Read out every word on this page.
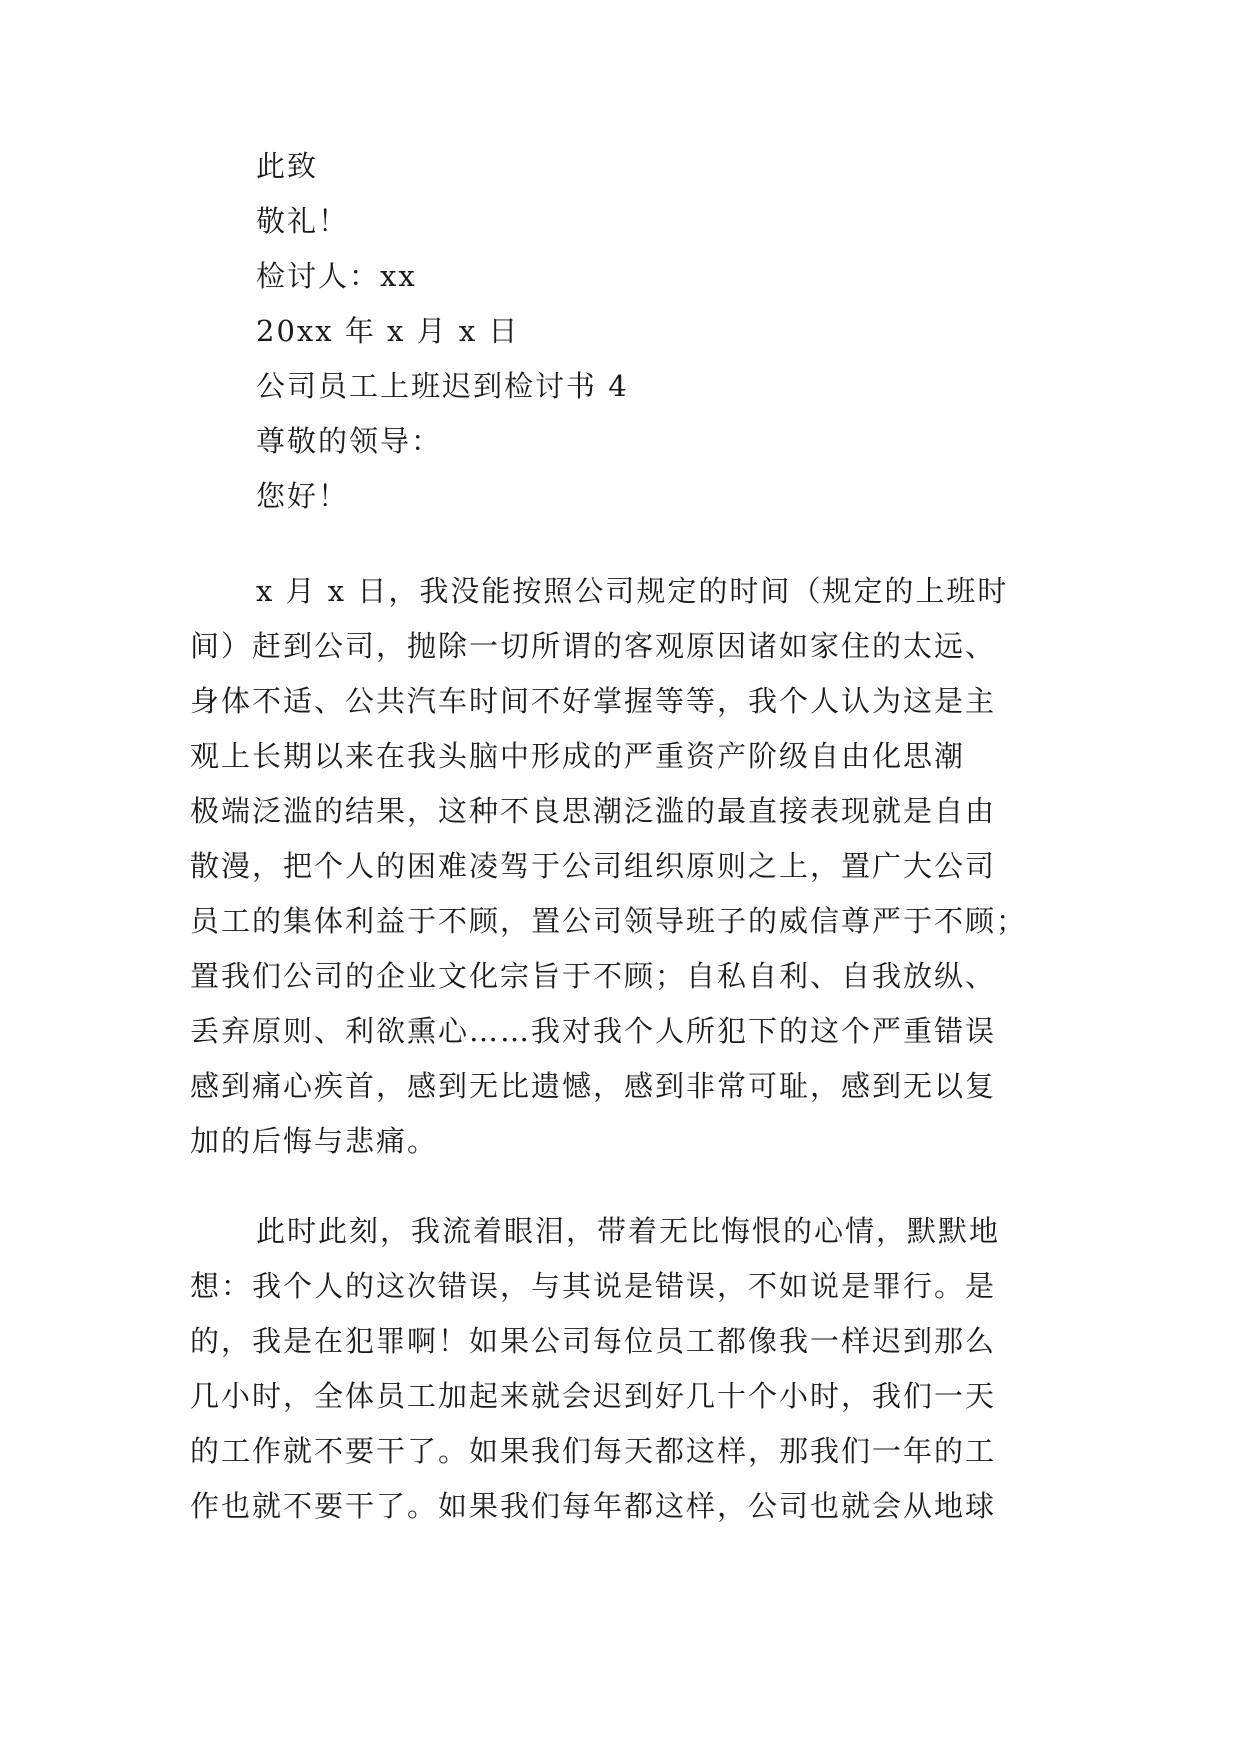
此致

敬礼！

检讨人：xx

20xx 年 x 月 x 日

公司员工上班迟到检讨书 4

尊敬的领导：

您好！

x 月 x 日，我没能按照公司规定的时间（规定的上班时

间）赶到公司，抛除一切所谓的客观原因诸如家住的太远、

身体不适、公共汽车时间不好掌握等等，我个人认为这是主

观上长期以来在我头脑中形成的严重资产阶级自由化思潮

极端泛滥的结果，这种不良思潮泛滥的最直接表现就是自由

散漫，把个人的困难凌驾于公司组织原则之上，置广大公司

员工的集体利益于不顾，置公司领导班子的威信尊严于不顾；

置我们公司的企业文化宗旨于不顾；自私自利、自我放纵、

丢弃原则、利欲熏心……我对我个人所犯下的这个严重错误

感到痛心疾首，感到无比遗憾，感到非常可耻，感到无以复

加的后悔与悲痛。

此时此刻，我流着眼泪，带着无比悔恨的心情，默默地

想：我个人的这次错误，与其说是错误，不如说是罪行。是

的，我是在犯罪啊！如果公司每位员工都像我一样迟到那么

几小时，全体员工加起来就会迟到好几十个小时，我们一天

的工作就不要干了。如果我们每天都这样，那我们一年的工

作也就不要干了。如果我们每年都这样，公司也就会从地球
